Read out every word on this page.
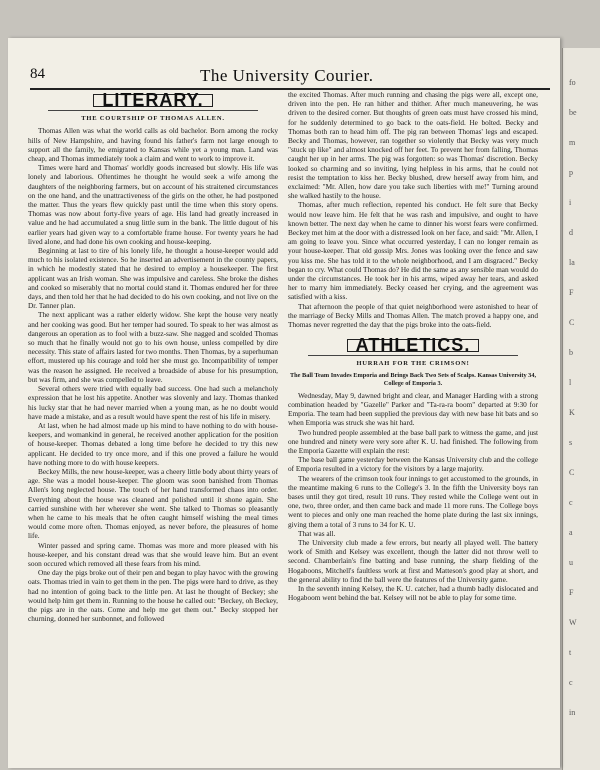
fo
be
m
p
i
d
la
F
C
b
l
K
s
C
c
a
u
F
W
t
c
in
84	The University Courier.
LITERARY.
THE COURTSHIP OF THOMAS ALLEN.

Thomas Allen was what the world calls as old bachelor. Born among the rocky hills of New Hampshire, and having found his father's farm not large enough to support all the family, he emigrated to Kansas while yet a young man. Land was cheap, and Thomas immediately took a claim and went to work to improve it.

Times were hard and Thomas' worldly goods increased but slowly. His life was lonely and laborious. Oftentimes he thought he would seek a wife among the daughters of the neighboring farmers, but on account of his straitened circumstances on the one hand, and the unattractiveness of the girls on the other, he had postponed the matter. Thus the years flew quickly past until the time when this story opens. Thomas was now about forty-five years of age. His land had greatly increased in value and he had accumulated a snug little sum in the bank. The little dugout of his earlier years had given way to a comfortable frame house. For twenty years he had lived alone, and had done his own cooking and house-keeping.

Beginning at last to tire of his lonely life, he thought a house-keeper would add much to his isolated existence. So he inserted an advertisement in the county papers, in which he modestly stated that he desired to employ a housekeeper. The first applicant was an Irish woman. She was impulsive and careless. She broke the dishes and cooked so miserably that no mortal could stand it. Thomas endured her for three days, and then told her that he had decided to do his own cooking, and not live on the Dr. Tanner plan.

The next applicant was a rather elderly widow. She kept the house very neatly and her cooking was good. But her temper had soured. To speak to her was almost as dangerous an operation as to fool with a buzz-saw. She nagged and scolded Thomas so much that he finally would not go to his own house, unless compelled by dire necessity. This state of affairs lasted for two months. Then Thomas, by a superhuman effort, mustered up his courage and told her she must go. Incompatibility of temper was the reason he assigned. He received a broadside of abuse for his presumption, but was firm, and she was compelled to leave.

Several others were tried with equally bad success. One had such a melancholy expression that he lost his appetite. Another was slovenly and lazy. Thomas thanked his lucky star that he had never married when a young man, as he no doubt would have made a mistake, and as a result would have spent the rest of his life in misery.

At last, when he had almost made up his mind to have nothing to do with house-keepers, and womankind in general, he received another application for the position of house-keeper. Thomas debated a long time before he decided to try this new applicant. He decided to try once more, and if this one proved a failure he would have nothing more to do with house keepers.

Beckey Mills, the new house-keeper, was a cheery little body about thirty years of age. She was a model house-keeper. The gloom was soon banished from Thomas Allen's long neglected house. The touch of her hand transformed chaos into order. Everything about the house was cleaned and polished until it shone again. She carried sunshine with her wherever she went. She talked to Thomas so pleasantly when he came to his meals that he often caught himself wishing the meal times would come more often. Thomas enjoyed, as never before, the pleasures of home life.

Winter passed and spring came. Thomas was more and more pleased with his house-keeper, and his constant dread was that she would leave him. But an event soon occured which removed all these fears from his mind.

One day the pigs broke out of their pen and began to play havoc with the growing oats. Thomas tried in vain to get them in the pen. The pigs were hard to drive, as they had no intention of going back to the little pen. At last he thought of Beckey; she would help him get them in. Running to the house he called out: "Beckey, oh Beckey, the pigs are in the oats. Come and help me get them out." Becky stopped her churning, donned her sunbonnet, and followed

the excited Thomas. After much running and chasing the pigs were all, except one, driven into the pen. He ran hither and thither. After much maneuvering, he was driven to the desired corner. But thoughts of green oats must have crossed his mind, for he suddenly determined to go back to the oats-field. He bolted. Becky and Thomas both ran to head him off. The pig ran between Thomas' legs and escaped. Becky and Thomas, however, ran together so violently that Becky was very much "stuck up like" and almost knocked off her feet. To prevent her from falling, Thomas caught her up in her arms. The pig was forgotten: so was Thomas' discretion. Becky looked so charming and so inviting, lying helpless in his arms, that he could not resist the temptation to kiss her. Becky blushed, drew herself away from him, and exclaimed: "Mr. Allen, how dare you take such liberties with me!" Turning around she walked hastily to the house.

Thomas, after much reflection, repented his conduct. He felt sure that Becky would now leave him. He felt that he was rash and impulsive, and ought to have known better. The next day when he came to dinner his worst fears were confirmed. Beckey met him at the door with a distressed look on her face, and said: "Mr. Allen, I am going to leave you. Since what occurred yesterday, I can no longer remain as your house-keeper. That old gossip Mrs. Jones was looking over the fence and saw you kiss me. She has told it to the whole neighborhood, and I am disgraced." Becky began to cry. What could Thomas do? He did the same as any sensible man would do under the circumstances. He took her in his arms, wiped away her tears, and asked her to marry him immediately. Becky ceased her crying, and the agreement was satisfied with a kiss.

That afternoon the people of that quiet neighborhood were astonished to hear of the marriage of Becky Mills and Thomas Allen. The match proved a happy one, and Thomas never regretted the day that the pigs broke into the oats-field.

ATHLETICS.
HURRAH FOR THE CRIMSON!
The Ball Team Invades Emporia and Brings Back Two Sets of Scalps. Kansas University 34, College of Emporia 3.

Wednesday, May 9, dawned bright and clear, and Manager Harding with a strong combination headed by "Gazelle" Parker and "Ta-ra-ra boom" departed at 9:30 for Emporia. The team had been supplied the previous day with new base hit bats and so when Emporia was struck she was hit hard.

Two hundred people assembled at the base ball park to witness the game, and just one hundred and ninety were very sore after K. U. had finished. The following from the Emporia Gazette will explain the rest:

The base ball game yesterday between the Kansas University club and the college of Emporia resulted in a victory for the visitors by a large majority.

The wearers of the crimson took four innings to get accustomed to the grounds, in the meantime making 6 runs to the College's 3. In the fifth the University boys ran bases until they got tired, result 10 runs. They rested while the College went out in one, two, three order, and then came back and made 11 more runs. The College boys went to pieces and only one man reached the home plate during the last six innings, giving them a total of 3 runs to 34 for K. U.

That was all.

The University club made a few errors, but nearly all played well. The battery work of Smith and Kelsey was excellent, though the latter did not throw well to second. Chamberlain's fine batting and base running, the sharp fielding of the Hogaboons, Mitchell's faultless work at first and Matteson's good play at short, and the general ability to find the ball were the features of the University game.

In the seventh inning Kelsey, the K. U. catcher, had a thumb badly dislocated and Hogaboom went behind the bat. Kelsey will not be able to play for some time.
